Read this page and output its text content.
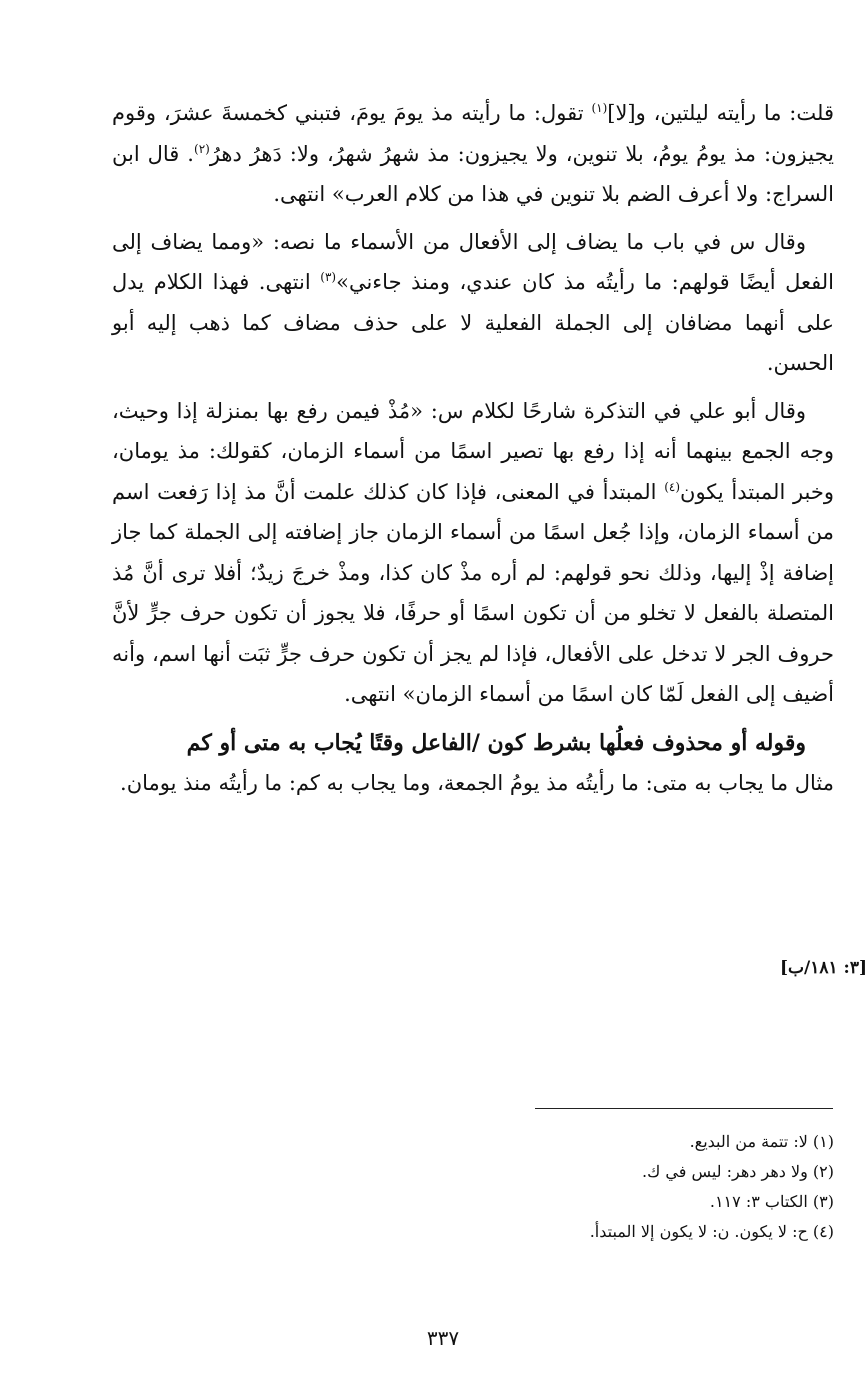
قلت: ما رأيته ليلتين، و[لا]$^{(١)}$ تقول: ما رأيته مذ يومَ يومَ، فتبني كخمسةَ عشرَ، وقوم يجيزون: مذ يومُ يومُ، بلا تنوين، ولا يجيزون: مذ شهرُ شهرُ، ولا: دَهرُ دهرُ$^{(٢)}$. قال ابن السراج: ولا أعرف الضم بلا تنوين في هذا من كلام العرب» انتهى.

وقال س في باب ما يضاف إلى الأفعال من الأسماء ما نصه: «ومما يضاف إلى الفعل أيضًا قولهم: ما رأيتُه مذ كان عندي، ومنذ جاءني»$^{(٣)}$ انتهى. فهذا الكلام يدل على أنهما مضافان إلى الجملة الفعلية لا على حذف مضاف كما ذهب إليه أبو الحسن.

وقال أبو علي في التذكرة شارحًا لكلام س: «مُذْ فيمن رفع بها بمنزلة إذا وحيث، وجه الجمع بينهما أنه إذا رفع بها تصير اسمًا من أسماء الزمان، كقولك: مذ يومان، وخبر المبتدأ يكون$^{(٤)}$ المبتدأ في المعنى، فإذا كان كذلك علمت أنَّ مذ إذا رَفعت اسم من أسماء الزمان، وإذا جُعل اسمًا من أسماء الزمان جاز إضافته إلى الجملة كما جاز إضافة إذْ إليها، وذلك نحو قولهم: لم أره مذْ كان كذا، ومذْ خرجَ زيدٌ؛ أفلا ترى أنَّ مُذ المتصلة بالفعل لا تخلو من أن تكون اسمًا أو حرفًا، فلا يجوز أن تكون حرف جرٍّ لأنَّ حروف الجر لا تدخل على الأفعال، فإذا لم يجز أن تكون حرف جرٍّ ثبَت أنها اسم، وأنه أضيف إلى الفعل لَمّا كان اسمًا من أسماء الزمان» انتهى.

وقوله أو محذوف فعلُها بشرط كون /الفاعل وقتًا يُجاب به متى أو كم

مثال ما يجاب به متى: ما رأيتُه مذ يومُ الجمعة، وما يجاب به كم: ما رأيتُه منذ يومان.

[٣: ١٨١/ب]
(١) لا: تتمة من البديع.
(٢) ولا دهر دهر: ليس في ك.
(٣) الكتاب ٣: ١١٧.
(٤) ح: لا يكون. ن: لا يكون إلا المبتدأ.
٣٣٧
